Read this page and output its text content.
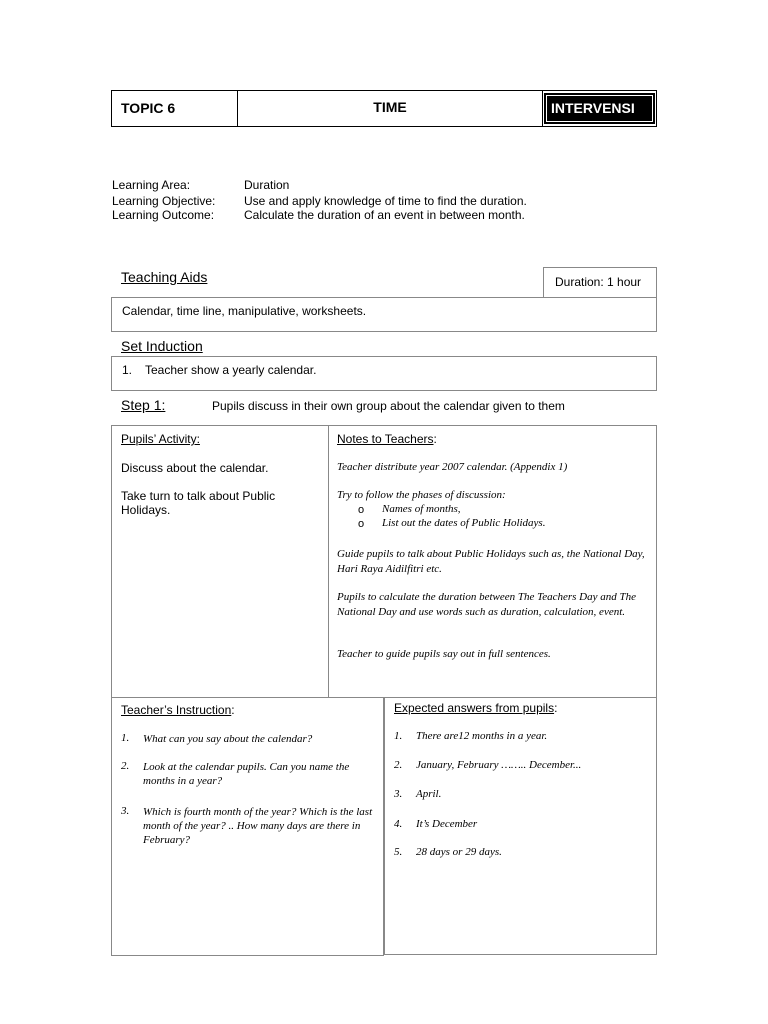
TOPIC 6	TIME	INTERVENSI
Learning Area:	Duration
Learning Objective: Use and apply knowledge of time to find the duration.
Learning Outcome: Calculate the duration of an event in between month.
Teaching Aids	Duration: 1 hour
Calendar, time line, manipulative, worksheets.
Set Induction
1. Teacher show a yearly calendar.
Step 1:	Pupils discuss in their own group about the calendar given to them
Pupils’ Activity:
Discuss about the calendar.
Take turn to talk about Public Holidays.
Notes to Teachers:
Teacher distribute year 2007 calendar. (Appendix 1)
Try to follow the phases of discussion:
o Names of months,
o List out the dates of Public Holidays.
Guide pupils to talk about Public Holidays such as, the National Day, Hari Raya Aidilfitri etc.
Pupils to calculate the duration between The Teachers Day and The National Day and use words such as duration, calculation, event.
Teacher to guide pupils say out in full sentences.
Teacher’s Instruction:
1. What can you say about the calendar?
2. Look at the calendar pupils. Can you name the months in a year?
3. Which is fourth month of the year? Which is the last month of the year? .. How many days are there in February?
Expected answers from pupils:
1. There are12 months in a year.
2. January, February …….. December...
3. April.
4. It’s December
5. 28 days or 29 days.
